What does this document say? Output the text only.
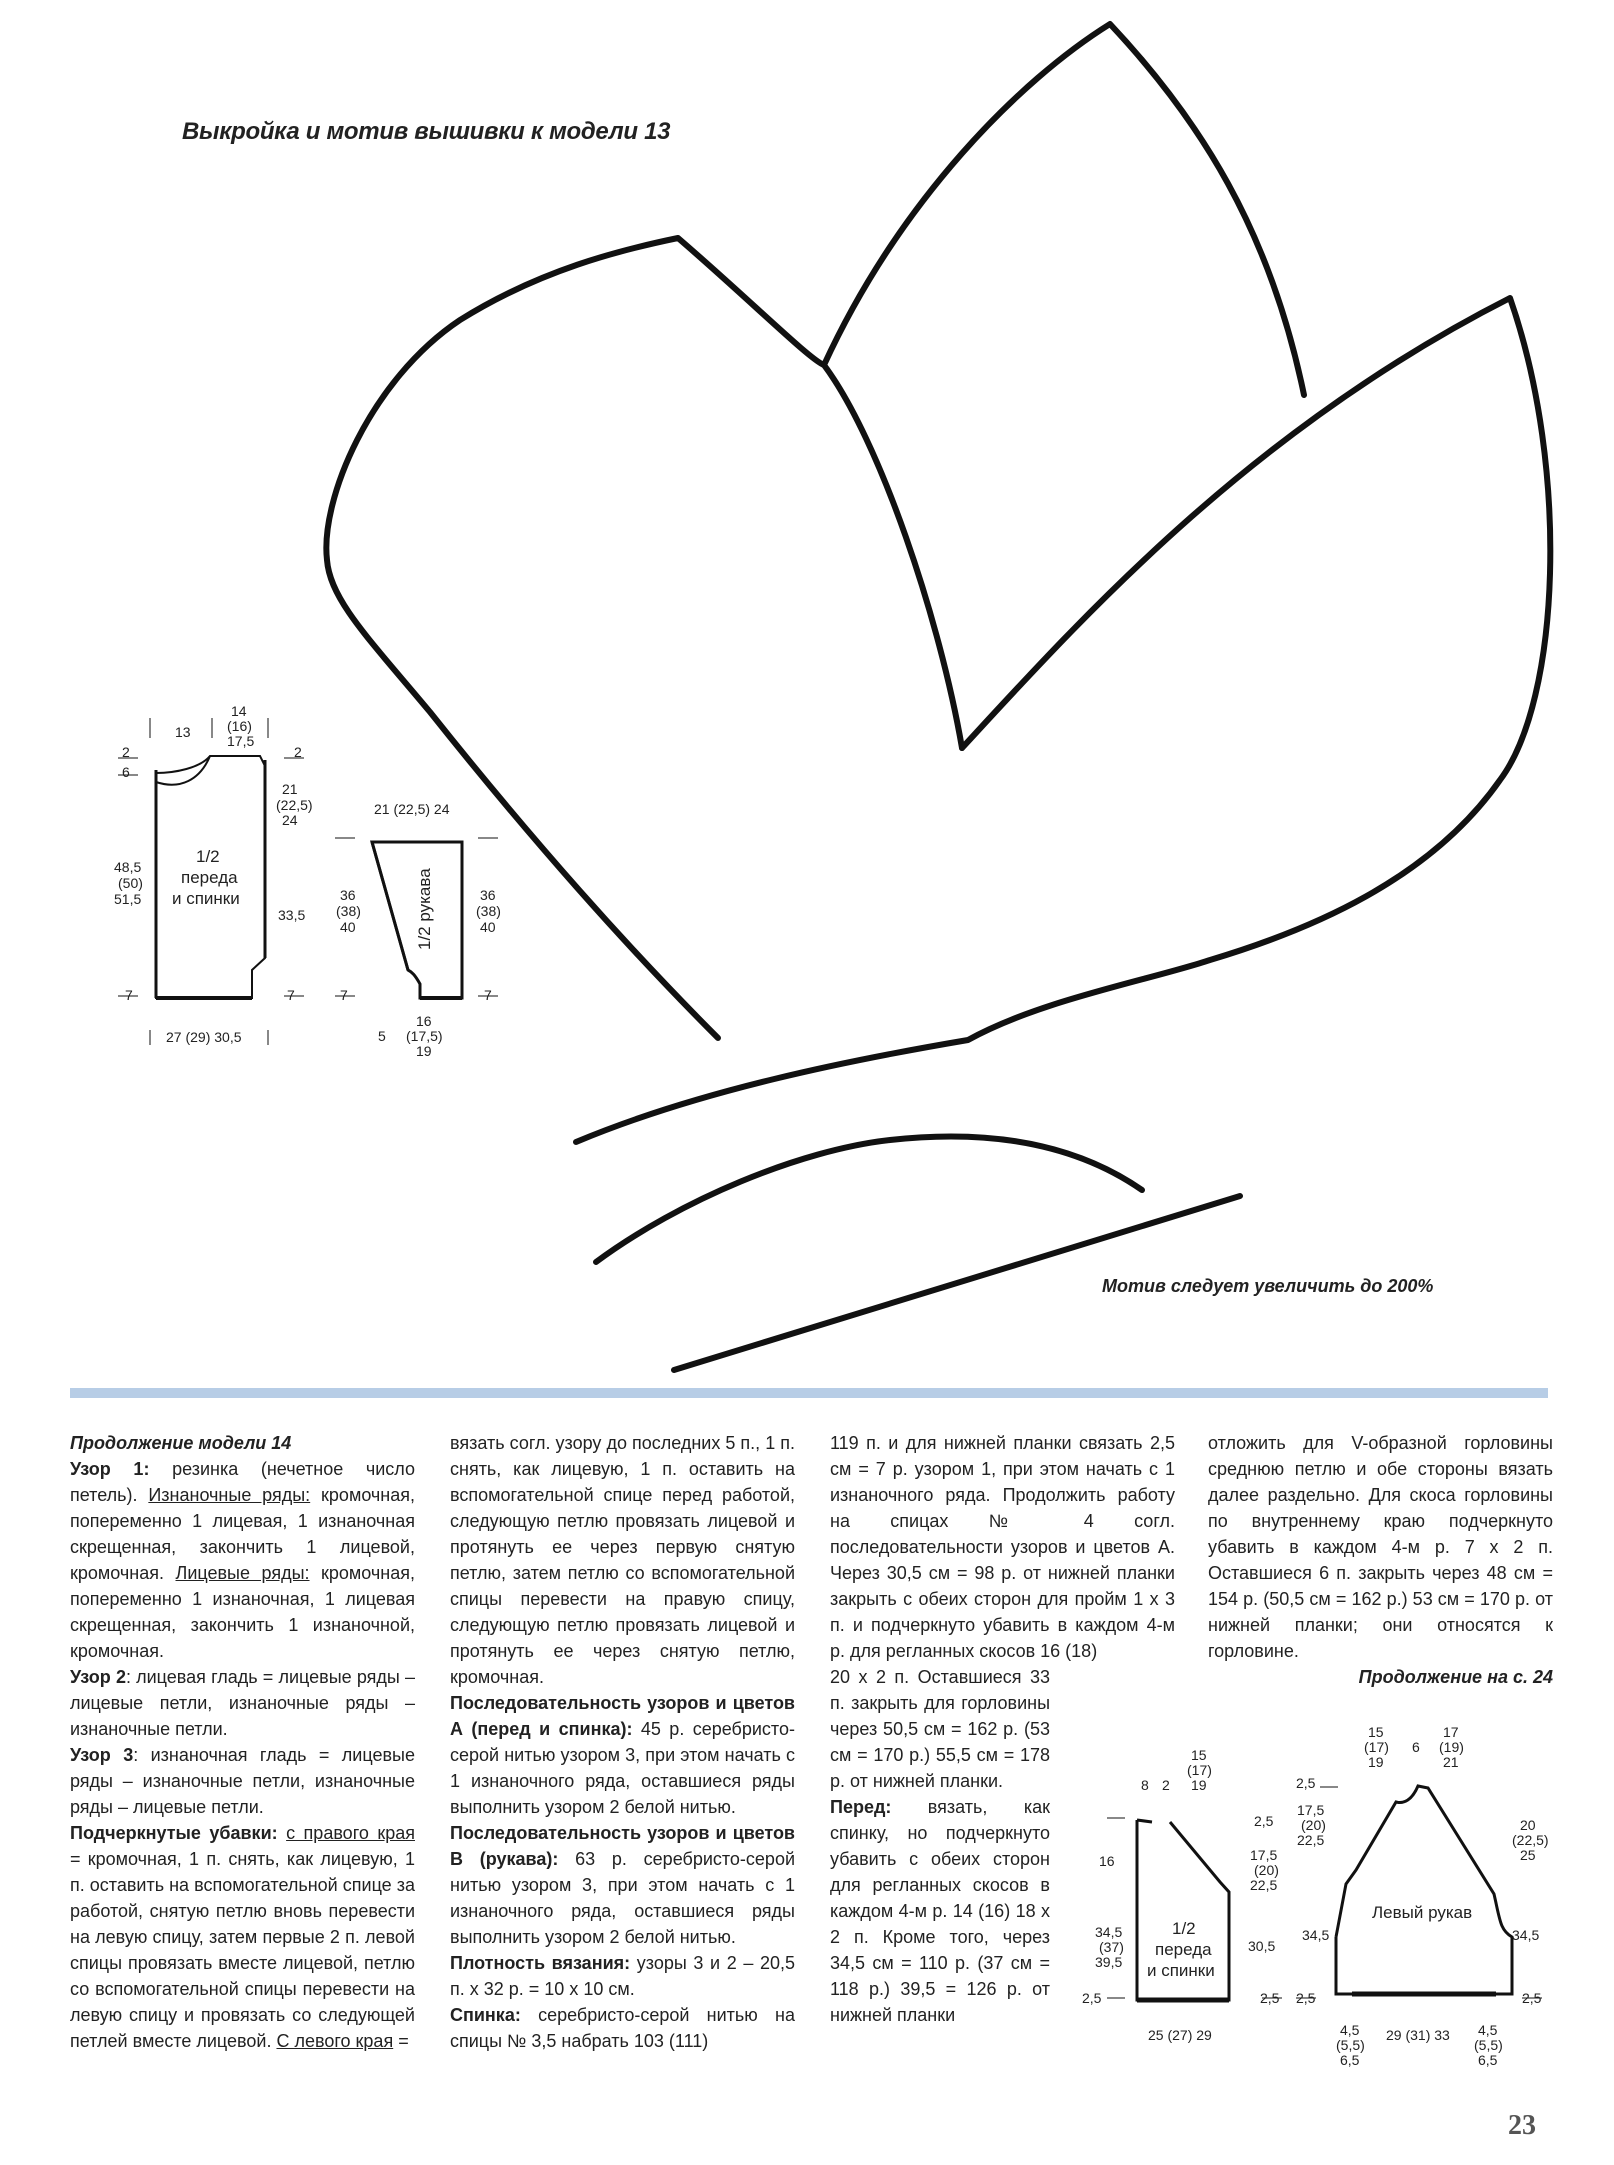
Выкройка и мотив вышивки к модели 13
13
14
(16)
17,5
2
6
2
21
(22,5)
24
48,5
(50)
51,5
1/2
переда
и спинки
33,5
7	7
27 (29) 30,5
21 (22,5) 24
36
(38)
40
36
(38)
40
1/2 рукава
7	7
5
16
(17,5)
19
8 2
15
(17)
19
16	17,5
(20)
22,5
2,5
34,5
(37)
39,5
30,5
1/2
переда
и спинки
2,5	2,5
25 (27) 29
2,5
15
(17)
19
6
17
(19)
21
17,5
(20)
22,5
20
(22,5)
25
34,5	34,5
Левый рукав
2,5	2,5
29 (31) 33
4,5
(5,5)
6,5
4,5
(5,5)
6,5
Мотив следует увеличить до 200%

Продолжение модели 14

Узор 1: резинка (нечетное число петель). Изнаночные ряды: кромочная, попеременно 1 лицевая, 1 изнаночная скрещенная, закончить 1 лицевой, кромочная. Лицевые ряды: кромочная, попеременно 1 изнаночная, 1 лицевая скрещенная, закончить 1 изнаночной, кромочная.

Узор 2: лицевая гладь = лицевые ряды – лицевые петли, изнаночные ряды – изнаночные петли.

Узор 3: изнаночная гладь = лицевые ряды – изнаночные петли, изнаночные ряды – лицевые петли.

Подчеркнутые убавки: с правого края = кромочная, 1 п. снять, как лицевую, 1 п. оставить на вспомогательной спице за работой, снятую петлю вновь перевести на левую спицу, затем первые 2 п. левой спицы провязать вместе лицевой, петлю со вспомогательной спицы перевести на левую спицу и провязать со следующей петлей вместе лицевой. С левого края =

вязать согл. узору до последних 5 п., 1 п. снять, как лицевую, 1 п. оставить на вспомогательной спице перед работой, следующую петлю провязать лицевой и протянуть ее через первую снятую петлю, затем петлю со вспомогательной спицы перевести на правую спицу, следующую петлю провязать лицевой и протянуть ее через снятую петлю, кромочная.

Последовательность узоров и цветов А (перед и спинка): 45 р. серебристо-серой нитью узором 3, при этом начать с 1 изнаночного ряда, оставшиеся ряды выполнить узором 2 белой нитью.

Последовательность узоров и цветов В (рукава): 63 р. серебристо-серой нитью узором 3, при этом начать с 1 изнаночного ряда, оставшиеся ряды выполнить узором 2 белой нитью.

Плотность вязания: узоры 3 и 2 – 20,5 п. х 32 р. = 10 х 10 см.

Спинка: серебристо-серой нитью на спицы № 3,5 набрать 103 (111)

119 п. и для нижней планки связать 2,5 см = 7 р. узором 1, при этом начать с 1 изнаночного ряда. Продолжить работу на спицах № 4 согл. последовательности узоров и цветов А. Через 30,5 см = 98 р. от нижней планки закрыть с обеих сторон для пройм 1 х 3 п. и подчеркнуто убавить в каждом 4-м р. для регланных скосов 16 (18)

20 х 2 п. Оставшиеся 33 п. закрыть для горловины через 50,5 см = 162 р. (53 см = 170 р.) 55,5 см = 178 р. от нижней планки.

Перед: вязать, как спинку, но подчеркнуто убавить с обеих сторон для регланных скосов в каждом 4-м р. 14 (16) 18 х 2 п. Кроме того, через 34,5 см = 110 р. (37 см = 118 р.) 39,5 = 126 р. от нижней планки

отложить для V-образной горловины среднюю петлю и обе стороны вязать далее раздельно. Для скоса горловины по внутреннему краю подчеркнуто убавить в каждом 4-м р. 7 х 2 п. Оставшиеся 6 п. закрыть через 48 см = 154 р. (50,5 см = 162 р.) 53 см = 170 р. от нижней планки; они относятся к горловине.

Продолжение на с. 24

23
